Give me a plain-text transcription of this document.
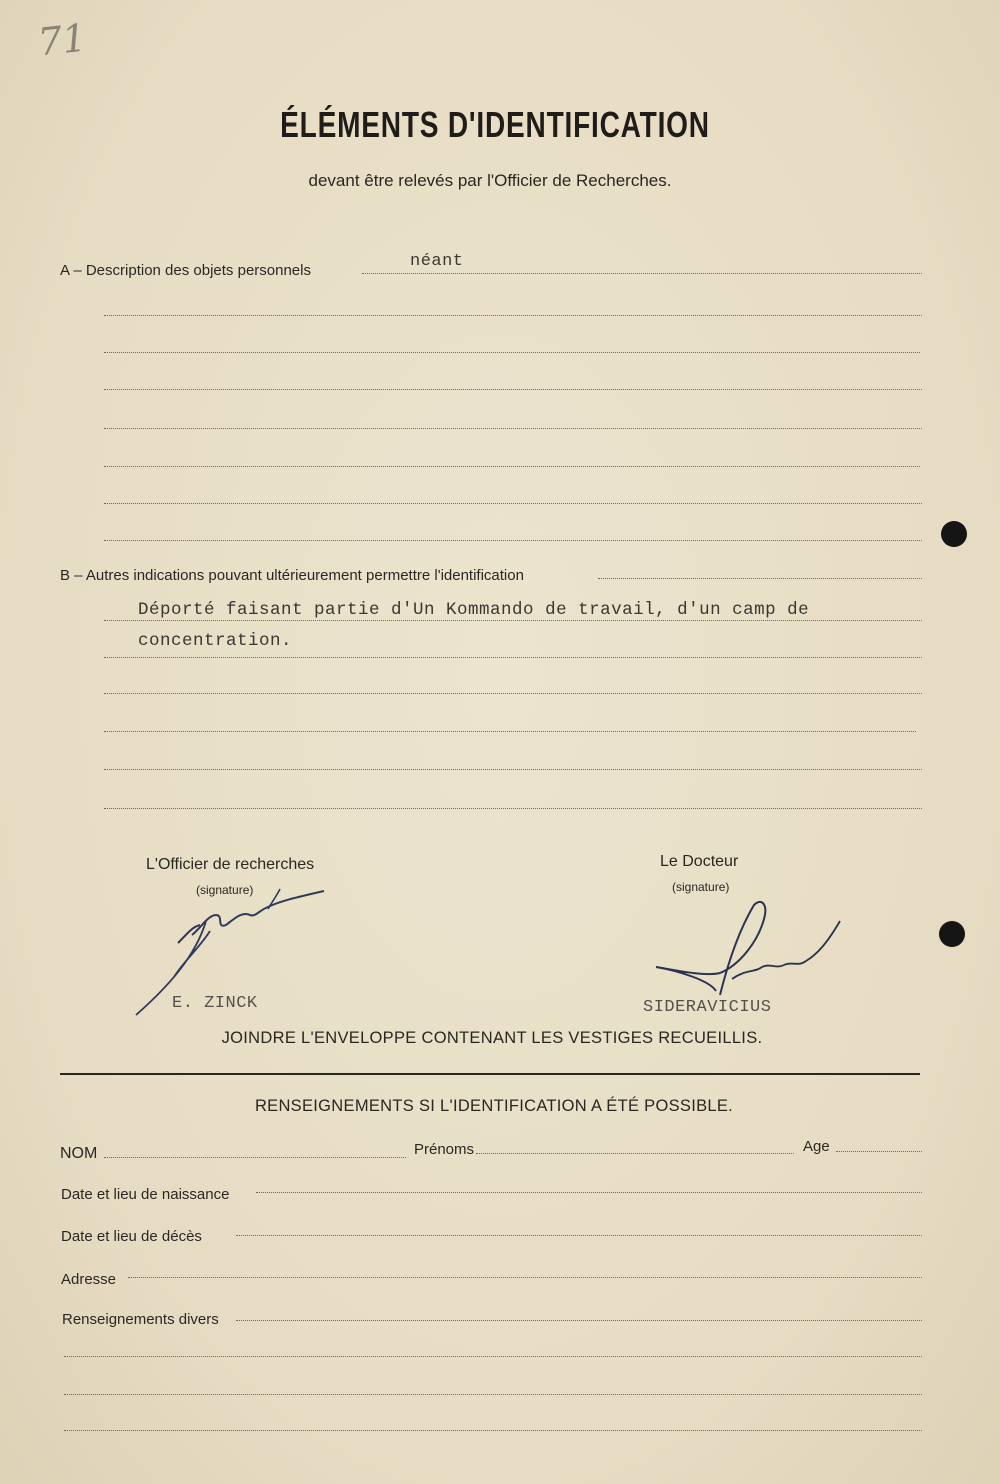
71
ÉLÉMENTS D'IDENTIFICATION
devant être relevés par l'Officier de Recherches.
A – Description des objets personnels	néant
B – Autres indications pouvant ultérieurement permettre l'identification
Déporté faisant partie d'Un Kommando de travail, d'un camp de
concentration.
L'Officier de recherches
(signature)
E. ZINCK
Le Docteur
(signature)
SIDERAVICIUS
JOINDRE L'ENVELOPPE CONTENANT LES VESTIGES RECUEILLIS.
RENSEIGNEMENTS SI L'IDENTIFICATION A ÉTÉ POSSIBLE.
NOM	Prénoms	Age
Date et lieu de naissance
Date et lieu de décès
Adresse
Renseignements divers
